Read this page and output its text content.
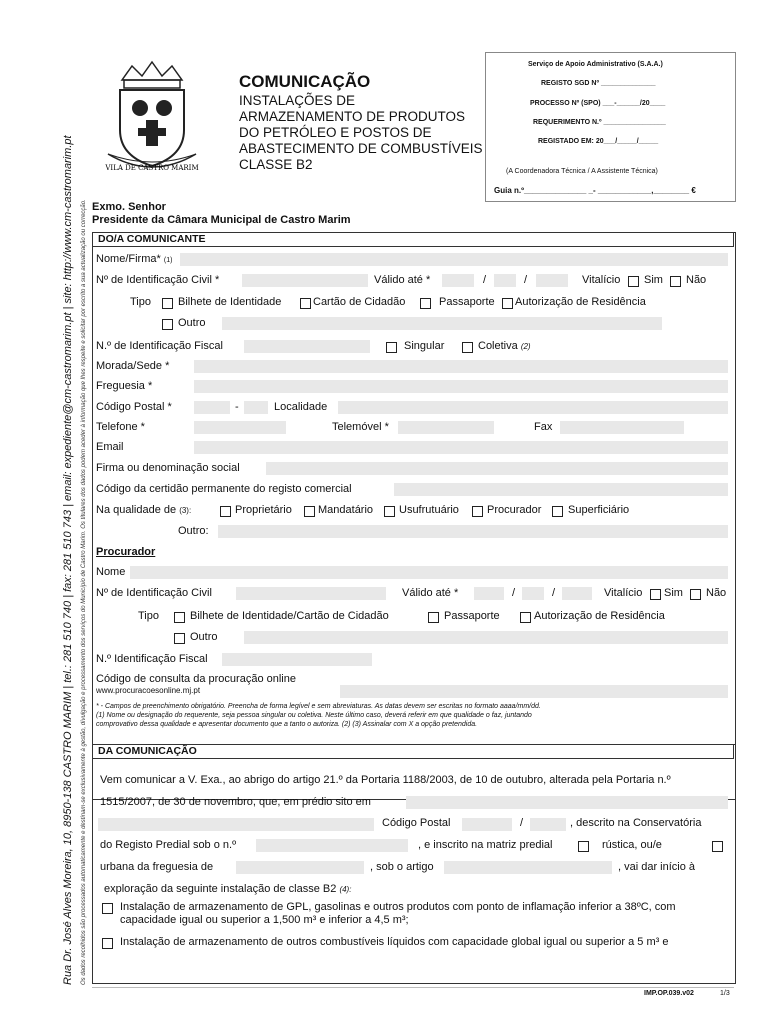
Rua Dr. José Alves Moreira, 10, 8950-138 CASTRO MARIM | tel.: 281 510 740 | fax: 281 510 743 | email: expediente@cm-castromarim.pt | site: http://www.cm-castromarim.pt Os dados recolhidos são processados automaticamente e destinam-se exclusivamente à gestão, divulgação e processamento dos serviços do Município de Castro Marim. Os titulares dos dados podem aceder à informação que lhes respeite e solicitar por escrito a sua actualização ou correcção.
VILA DE CASTRO MARIM
COMUNICAÇÃO
INSTALAÇÕES DE
ARMAZENAMENTO DE PRODUTOS
DO PETRÓLEO E POSTOS DE
ABASTECIMENTO DE COMBUSTÍVEIS
CLASSE B2
Serviço de Apoio Administrativo (S.A.A.)
REGISTO SGD Nº ______________
PROCESSO Nº (SPO) ___-______/20____
REQUERIMENTO N.º ________________
REGISTADO EM: 20___/_____/_____
(A Coordenadora Técnica / A Assistente Técnica)
Guia n.º______________ _- ____________,________ €
Exmo. Senhor
Presidente da Câmara Municipal de Castro Marim
DO/A COMUNICANTE
Nome/Firma* (1)
Nº de Identificação Civil *	Válido até *	/	/	Vitalício Sim Não
Tipo Bilhete de Identidade	Cartão de Cidadão	Passaporte Autorização de Residência
Outro
N.º de Identificação Fiscal	Singular	Coletiva (2)
Morada/Sede *
Freguesia *
Código Postal *	-	Localidade
Telefone *	Telemóvel *	Fax
Email
Firma ou denominação social
Código da certidão permanente do registo comercial
Na qualidade de (3):	Proprietário Mandatário Usufrutuário	Procurador Superficiário
Outro:
Procurador
Nome
Nº de Identificação Civil	Válido até *	/	/	Vitalício Sim Não
Tipo	Bilhete de Identidade/Cartão de Cidadão	Passaporte	Autorização de Residência
Outro
N.º Identificação Fiscal
Código de consulta da procuração online
www.procuracoesonline.mj.pt
* - Campos de preenchimento obrigatório. Preencha de forma legível e sem abreviaturas. As datas devem ser escritas no formato aaaa/mm/dd.
(1) Nome ou designação do requerente, seja pessoa singular ou coletiva. Neste último caso, deverá referir em que qualidade o faz, juntando
comprovativo dessa qualidade e apresentar documento que a tanto o autoriza. (2) (3) Assinalar com X a opção pretendida.
DA COMUNICAÇÃO
Vem comunicar a V. Exa., ao abrigo do artigo 21.º da Portaria 1188/2003, de 10 de outubro, alterada pela Portaria n.º
1515/2007, de 30 de novembro, que, em prédio sito em
Código Postal	/	, descrito na Conservatória
do Registo Predial sob o n.º	, e inscrito na matriz predial	rústica, ou/e
urbana da freguesia de	, sob o artigo	, vai dar início à
exploração da seguinte instalação de classe B2 (4):
Instalação de armazenamento de GPL, gasolinas e outros produtos com ponto de inflamação inferior a 38ºC, com
capacidade igual ou superior a 1,500 m³ e inferior a 4,5 m³;
Instalação de armazenamento de outros combustíveis líquidos com capacidade global igual ou superior a 5 m³ e
IMP.OP.039.v02	1/3
